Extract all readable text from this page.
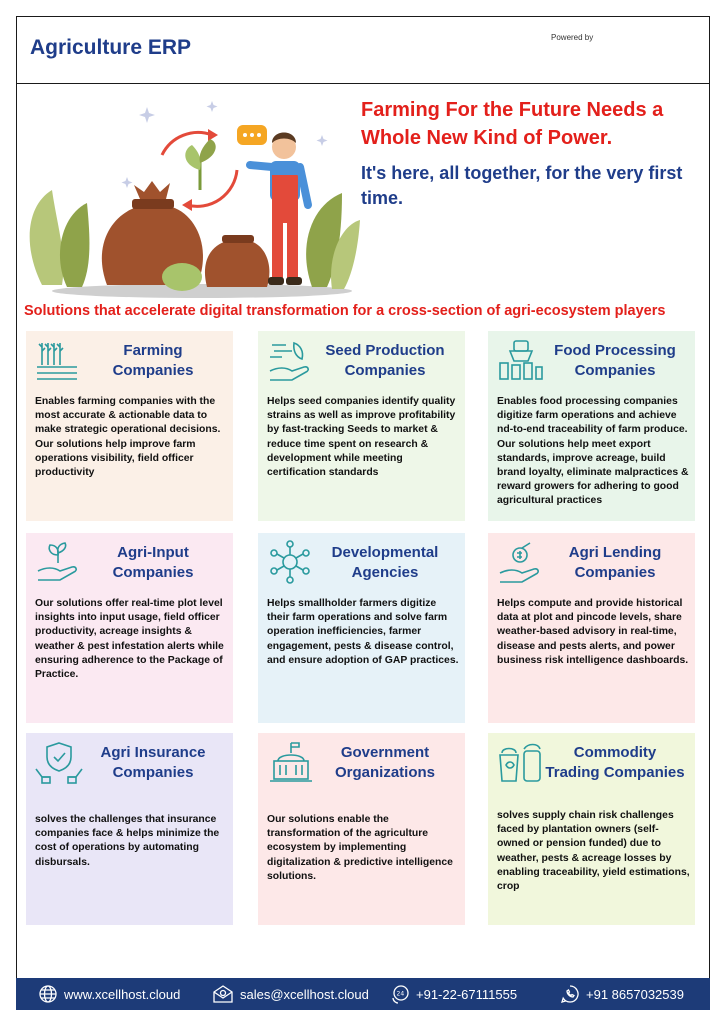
Agriculture ERP	Powered by
Farming For the Future Needs a Whole New Kind of Power.
It's here, all together, for the very first time.
Solutions that accelerate digital transformation for a cross-section of agri-ecosystem players
Farming Companies
Enables farming companies with the most accurate & actionable data to make strategic operational decisions. Our solutions help improve farm operations visibility, field officer productivity
Seed Production Companies
Helps seed companies identify quality strains as well as improve profitability by fast-tracking Seeds to market & reduce time spent on research & development while meeting certification standards
Food Processing Companies
Enables food processing companies digitize farm operations and achieve nd-to-end traceability of farm produce. Our solutions help meet export standards, improve acreage, build brand loyalty, eliminate malpractices & reward growers for adhering to good agricultural practices
Agri-Input Companies
Our solutions offer real-time plot level insights into input usage, field officer productivity, acreage insights & weather & pest infestation alerts while ensuring adherence to the Package of Practice.
Developmental Agencies
Helps smallholder farmers digitize their farm operations and solve farm operation inefficiencies, farmer engagement, pests & disease control, and ensure adoption of GAP practices.
Agri Lending Companies
Helps compute and provide historical data at plot and pincode levels, share weather-based advisory in real-time, disease and pests alerts, and power business risk intelligence dashboards.
Agri Insurance Companies
solves the challenges that insurance companies face & helps minimize the cost of operations by automating disbursals.
Government Organizations
Our solutions enable the transformation of the agriculture ecosystem by implementing digitalization & predictive intelligence solutions.
Commodity Trading Companies
solves supply chain risk challenges faced by plantation owners (self-owned or pension funded) due to weather, pests & acreage losses by enabling traceability, yield estimations, crop
www.xcellhost.cloud	sales@xcellhost.cloud	24 +91-22-67111555	+91 8657032539
